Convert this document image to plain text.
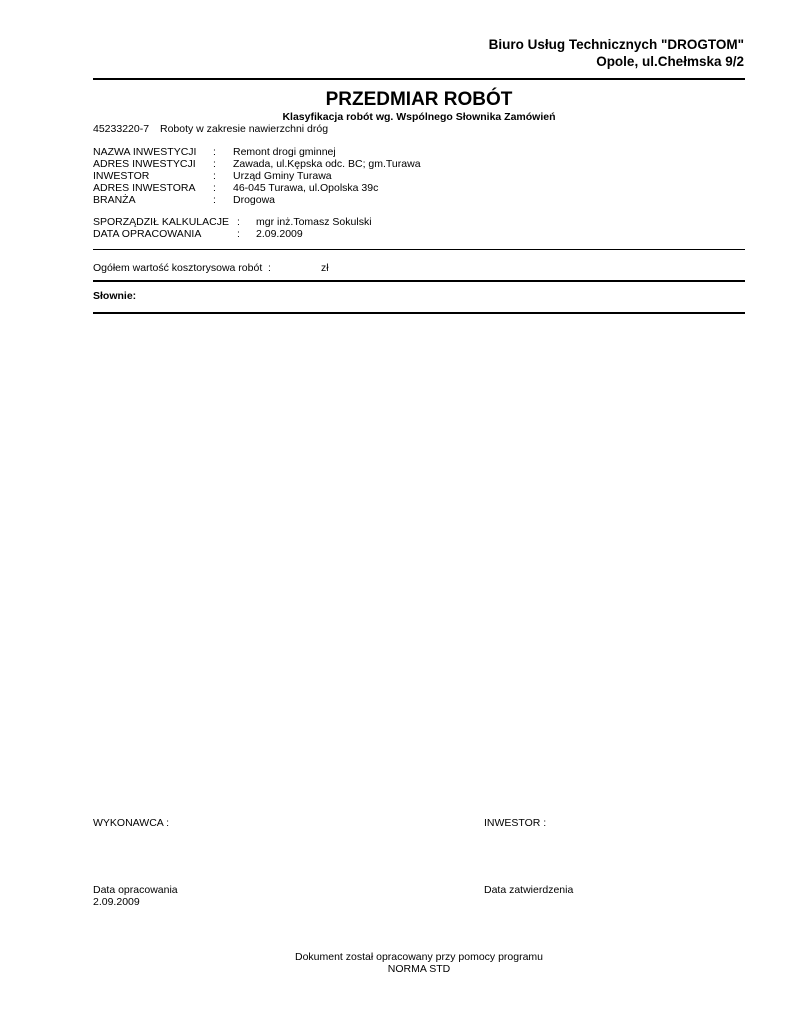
Biuro Usług Technicznych "DROGTOM"
Opole, ul.Chełmska 9/2
PRZEDMIAR ROBÓT
Klasyfikacja robót wg. Wspólnego Słownika Zamówień
45233220-7 Roboty w zakresie nawierzchni dróg
NAZWA INWESTYCJI : Remont drogi gminnej
ADRES INWESTYCJI : Zawada, ul.Kępska odc. BC; gm.Turawa
INWESTOR	: Urząd Gminy Turawa
ADRES INWESTORA : 46-045 Turawa, ul.Opolska 39c
BRANŻA	: Drogowa
SPORZĄDZIŁ KALKULACJE : mgr inż.Tomasz Sokulski
DATA OPRACOWANIA	: 2.09.2009
Ogółem wartość kosztorysowa robót :	zł
Słownie:
WYKONAWCA :	INWESTOR :
Data opracowania
2.09.2009
Data zatwierdzenia
Dokument został opracowany przy pomocy programu
NORMA STD
